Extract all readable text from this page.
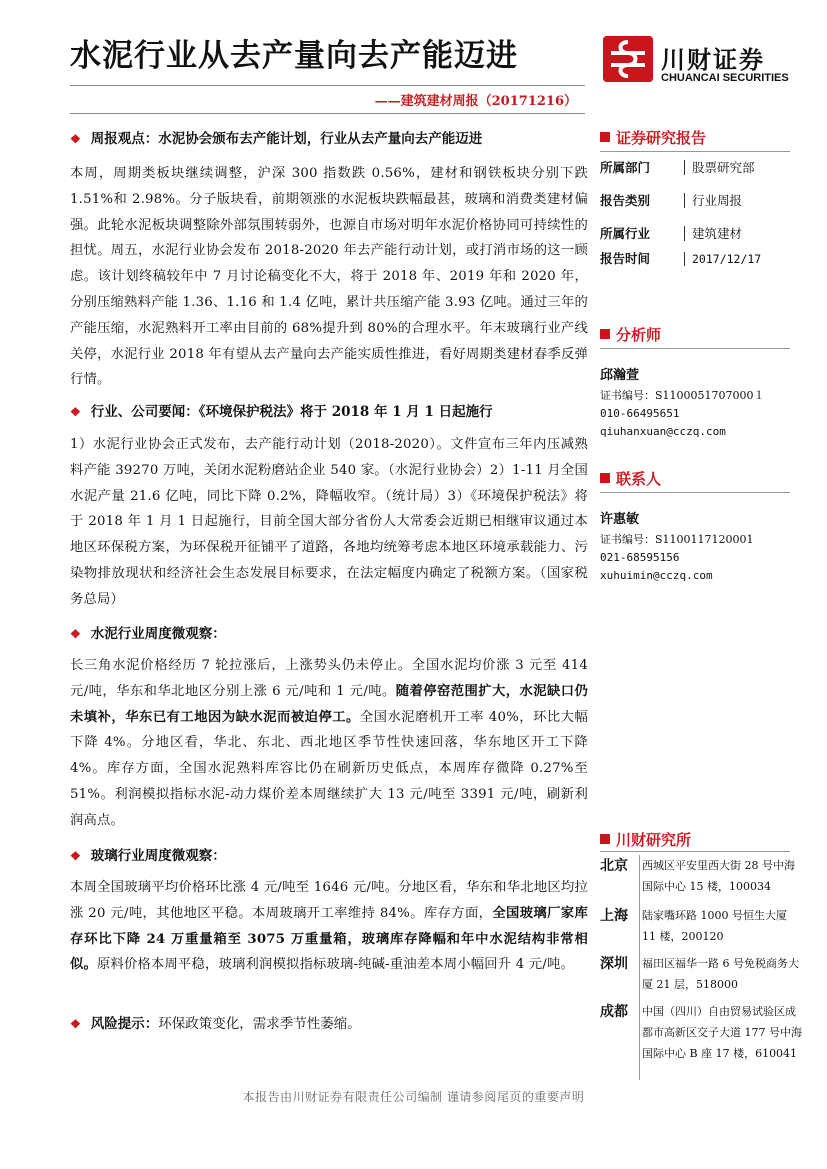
水泥行业从去产量向去产能迈进	川财证券
CHUANCAI SECURITIES
——建筑建材周报（20171216）
❖ 周报观点：水泥协会颁布去产能计划，行业从去产量向去产能迈进
本周，周期类板块继续调整，沪深 300 指数跌 0.56%，建材和钢铁板块分别下跌 1.51%和 2.98%。分子版块看，前期领涨的水泥板块跌幅最甚，玻璃和消费类建材偏强。此轮水泥板块调整除外部氛围转弱外，也源自市场对明年水泥价格协同可持续性的担忧。周五，水泥行业协会发布 2018-2020 年去产能行动计划，或打消市场的这一顾虑。该计划终稿较年中 7 月讨论稿变化不大，将于 2018 年、2019 年和 2020 年，分别压缩熟料产能 1.36、1.16 和 1.4 亿吨，累计共压缩产能 3.93 亿吨。通过三年的产能压缩，水泥熟料开工率由目前的 68%提升到 80%的合理水平。年末玻璃行业产线关停，水泥行业 2018 年有望从去产量向去产能实质性推进，看好周期类建材春季反弹行情。
❖ 行业、公司要闻：《环境保护税法》将于 2018 年 1 月 1 日起施行
1）水泥行业协会正式发布，去产能行动计划（2018-2020）。文件宣布三年内压减熟料产能 39270 万吨，关闭水泥粉磨站企业 540 家。（水泥行业协会）2）1-11 月全国水泥产量 21.6 亿吨，同比下降 0.2%，降幅收窄。（统计局）3）《环境保护税法》将于 2018 年 1 月 1 日起施行，目前全国大部分省份人大常委会近期已相继审议通过本地区环保税方案，为环保税开征铺平了道路，各地均统筹考虑本地区环境承载能力、污染物排放现状和经济社会生态发展目标要求，在法定幅度内确定了税额方案。（国家税务总局）
❖ 水泥行业周度微观察：
长三角水泥价格经历 7 轮拉涨后，上涨势头仍未停止。全国水泥均价涨 3 元至 414 元/吨，华东和华北地区分别上涨 6 元/吨和 1 元/吨。随着停窑范围扩大，水泥缺口仍未填补，华东已有工地因为缺水泥而被迫停工。全国水泥磨机开工率 40%，环比大幅下降 4%。分地区看，华北、东北、西北地区季节性快速回落，华东地区开工下降 4%。库存方面，全国水泥熟料库容比仍在刷新历史低点，本周库存微降 0.27%至 51%。利润模拟指标水泥-动力煤价差本周继续扩大 13 元/吨至 3391 元/吨，刷新利润高点。
❖ 玻璃行业周度微观察：
本周全国玻璃平均价格环比涨 4 元/吨至 1646 元/吨。分地区看，华东和华北地区均拉涨 20 元/吨，其他地区平稳。本周玻璃开工率维持 84%。库存方面，全国玻璃厂家库存环比下降 24 万重量箱至 3075 万重量箱，玻璃库存降幅和年中水泥结构非常相似。原料价格本周平稳，玻璃利润模拟指标玻璃-纯碱-重油差本周小幅回升 4 元/吨。
❖ 风险提示：环保政策变化，需求季节性萎缩。
证券研究报告
所属部门	股票研究部
报告类别	行业周报
所属行业	建筑建材
报告时间	2017/12/17
分析师
邱瀚萱
证书编号：S1100051707000１
010-66495651
qiuhanxuan@cczq.com
联系人
许惠敏
证书编号：S1100117120001
021-68595156
xuhuimin@cczq.com
川财研究所
北京 西城区平安里西大街 28 号中海国际中心 15 楼，100034
上海 陆家嘴环路 1000 号恒生大厦 11 楼，200120
深圳 福田区福华一路 6 号免税商务大厦 21 层，518000
成都 中国（四川）自由贸易试验区成都市高新区交子大道 177 号中海国际中心 B 座 17 楼，610041
本报告由川财证券有限责任公司编制 谨请参阅尾页的重要声明
